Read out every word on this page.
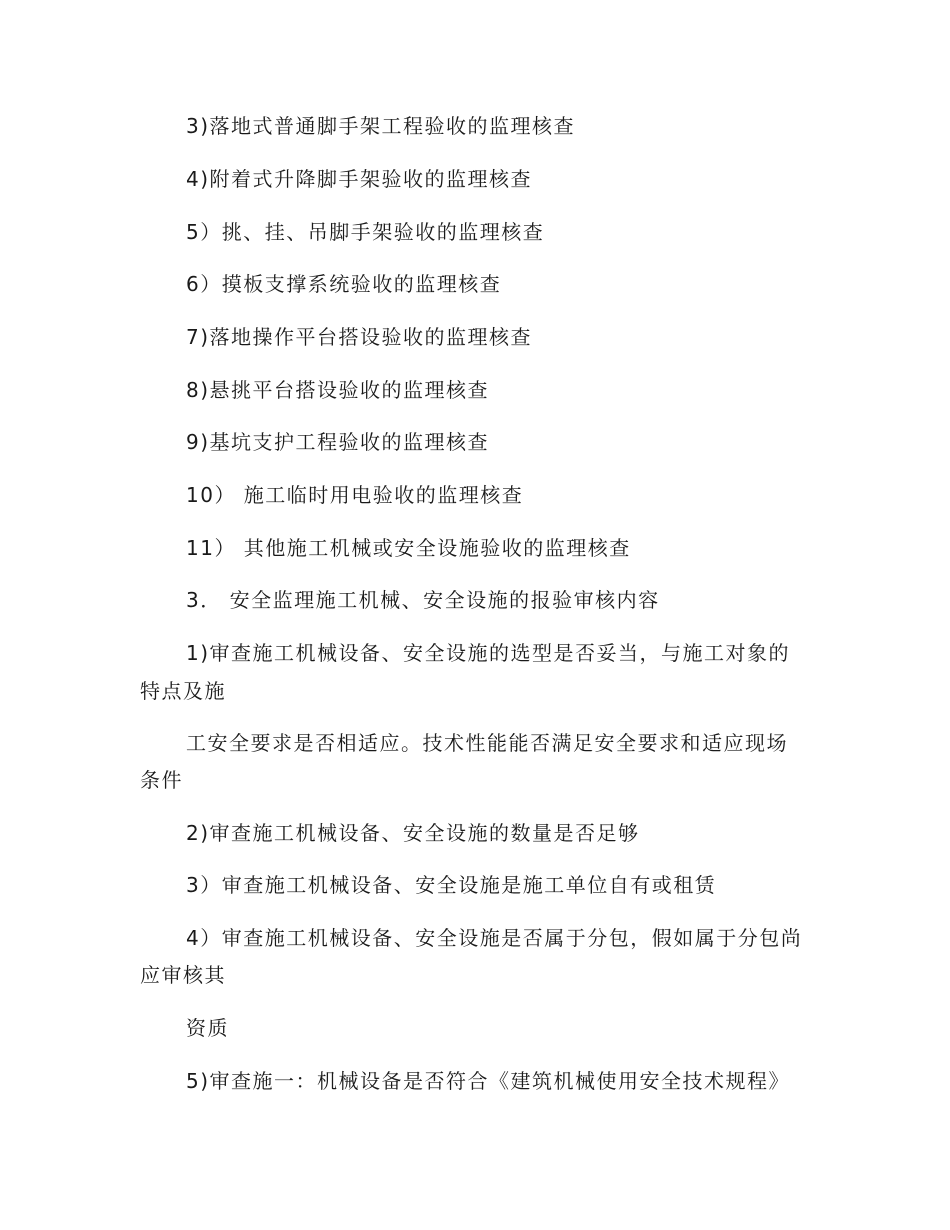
3)落地式普通脚手架工程验收的监理核查
4)附着式升降脚手架验收的监理核查
5）挑、挂、吊脚手架验收的监理核查
6）摸板支撑系统验收的监理核查
7)落地操作平台搭设验收的监理核查
8)悬挑平台搭设验收的监理核查
9)基坑支护工程验收的监理核查
10） 施工临时用电验收的监理核查
11） 其他施工机械或安全设施验收的监理核查
3． 安全监理施工机械、安全设施的报验审核内容
1)审查施工机械设备、安全设施的选型是否妥当，与施工对象的
特点及施
工安全要求是否相适应。技术性能能否满足安全要求和适应现场
条件
2)审查施工机械设备、安全设施的数量是否足够
3）审查施工机械设备、安全设施是施工单位自有或租赁
4）审查施工机械设备、安全设施是否属于分包，假如属于分包尚
应审核其
资质
5)审查施一：机械设备是否符合《建筑机械使用安全技术规程》
